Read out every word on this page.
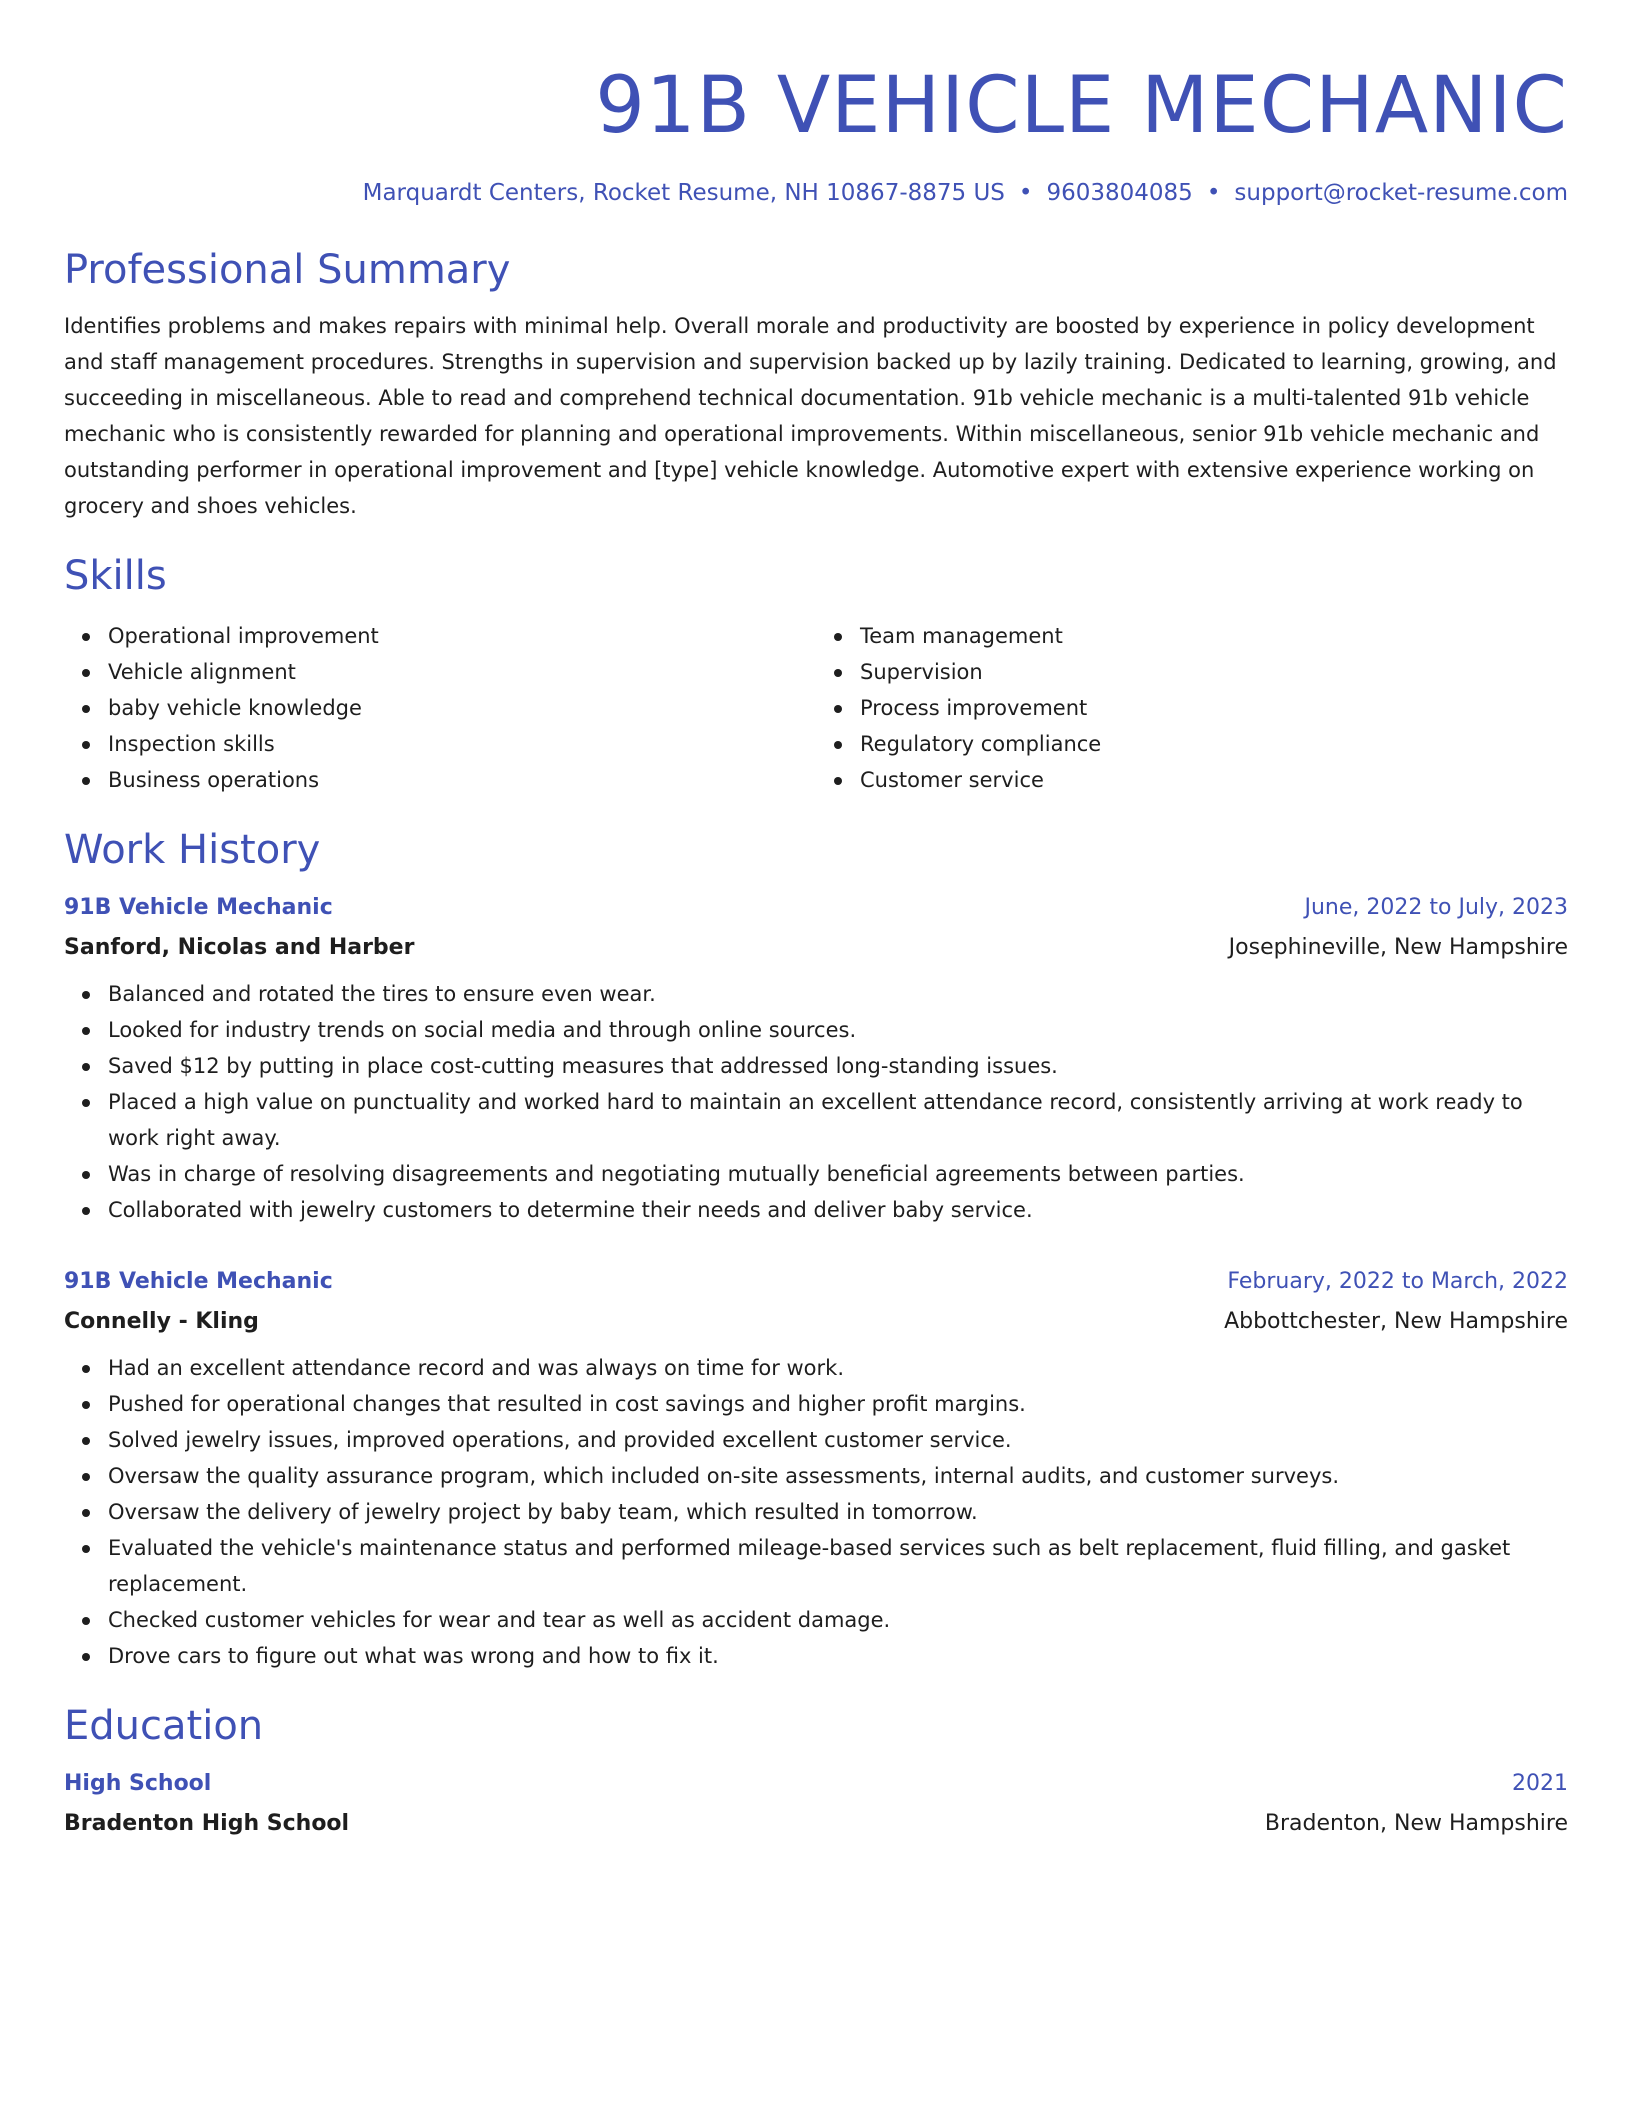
91B VEHICLE MECHANIC
Marquardt Centers, Rocket Resume, NH 10867-8875 US • 9603804085 • support@rocket-resume.com
Professional Summary

Identifies problems and makes repairs with minimal help. Overall morale and productivity are boosted by experience in policy development and staff management procedures. Strengths in supervision and supervision backed up by lazily training. Dedicated to learning, growing, and succeeding in miscellaneous. Able to read and comprehend technical documentation. 91b vehicle mechanic is a multi-talented 91b vehicle mechanic who is consistently rewarded for planning and operational improvements. Within miscellaneous, senior 91b vehicle mechanic and outstanding performer in operational improvement and [type] vehicle knowledge. Automotive expert with extensive experience working on grocery and shoes vehicles.

Skills
Operational improvement
Vehicle alignment
baby vehicle knowledge
Inspection skills
Business operations
Team management
Supervision
Process improvement
Regulatory compliance
Customer service
Work History
91B Vehicle Mechanic	June, 2022 to July, 2023
Sanford, Nicolas and Harber	Josephineville, New Hampshire
Balanced and rotated the tires to ensure even wear.
Looked for industry trends on social media and through online sources.
Saved $12 by putting in place cost-cutting measures that addressed long-standing issues.
Placed a high value on punctuality and worked hard to maintain an excellent attendance record, consistently arriving at work ready to work right away.
Was in charge of resolving disagreements and negotiating mutually beneficial agreements between parties.
Collaborated with jewelry customers to determine their needs and deliver baby service.
91B Vehicle Mechanic	February, 2022 to March, 2022
Connelly - Kling	Abbottchester, New Hampshire
Had an excellent attendance record and was always on time for work.
Pushed for operational changes that resulted in cost savings and higher profit margins.
Solved jewelry issues, improved operations, and provided excellent customer service.
Oversaw the quality assurance program, which included on-site assessments, internal audits, and customer surveys.
Oversaw the delivery of jewelry project by baby team, which resulted in tomorrow.
Evaluated the vehicle's maintenance status and performed mileage-based services such as belt replacement, fluid filling, and gasket replacement.
Checked customer vehicles for wear and tear as well as accident damage.
Drove cars to figure out what was wrong and how to fix it.
Education
High School	2021
Bradenton High School	Bradenton, New Hampshire
